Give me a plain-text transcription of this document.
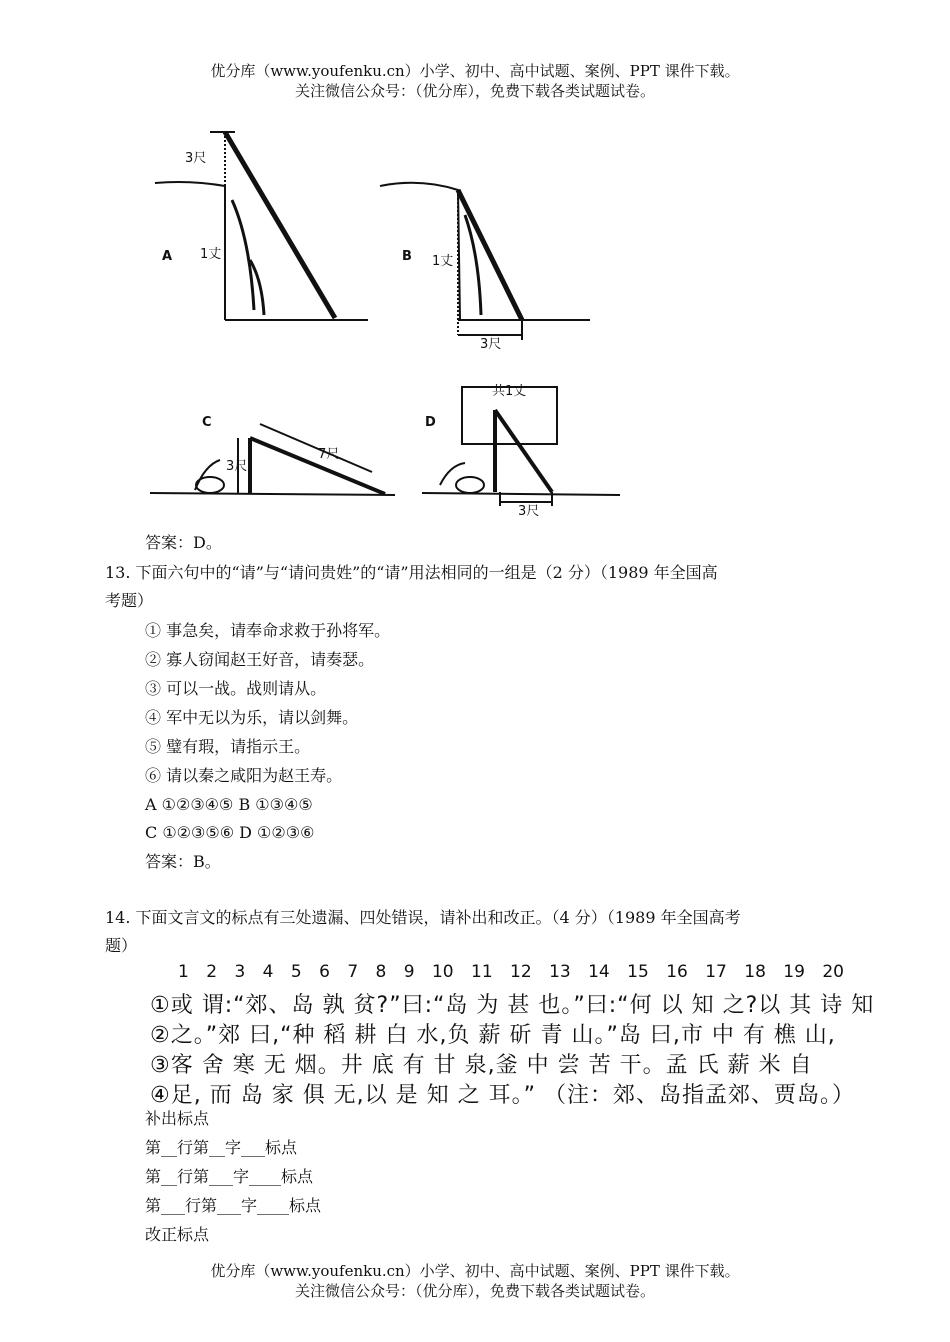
优分库（www.youfenku.cn）小学、初中、高中试题、案例、PPT 课件下载。
关注微信公众号：（优分库），免费下载各类试题试卷。
A
3尺
1丈	B 1丈
3尺
C
3尺
7尺
D
共1丈
3尺
答案：D。
13. 下面六句中的“请”与“请问贵姓”的“请”用法相同的一组是（2 分）（1989 年全国高
考题）
① 事急矣，请奉命求救于孙将军。
② 寡人窃闻赵王好音，请奏瑟。
③ 可以一战。战则请从。
④ 军中无以为乐，请以剑舞。
⑤ 璧有瑕，请指示王。
⑥ 请以秦之咸阳为赵王寿。
A ①②③④⑤ B ①③④⑤
C ①②③⑤⑥ D ①②③⑥
答案：B。
14. 下面文言文的标点有三处遗漏、四处错误，请补出和改正。（4 分）（1989 年全国高考
题）
1 2 3 4 5 6 7 8 9 10 11 12 13 14 15 16 17 18 19 20
①或 谓:“郊、岛 孰 贫?”曰:“岛 为 甚 也。”曰:“何 以 知 之?以 其 诗 知
②之。”郊 曰,“种 稻 耕 白 水,负 薪 斫 青 山。”岛 曰,市 中 有 樵 山,
③客 舍 寒 无 烟。井 底 有 甘 泉,釜 中 尝 苦 干。孟 氏 薪 米 自
④足, 而 岛 家 俱 无,以 是 知 之 耳。” （注：郊、岛指孟郊、贾岛。）
补出标点
第__行第__字___标点
第__行第___字____标点
第___行第___字____标点
改正标点
优分库（www.youfenku.cn）小学、初中、高中试题、案例、PPT 课件下载。
关注微信公众号：（优分库），免费下载各类试题试卷。
